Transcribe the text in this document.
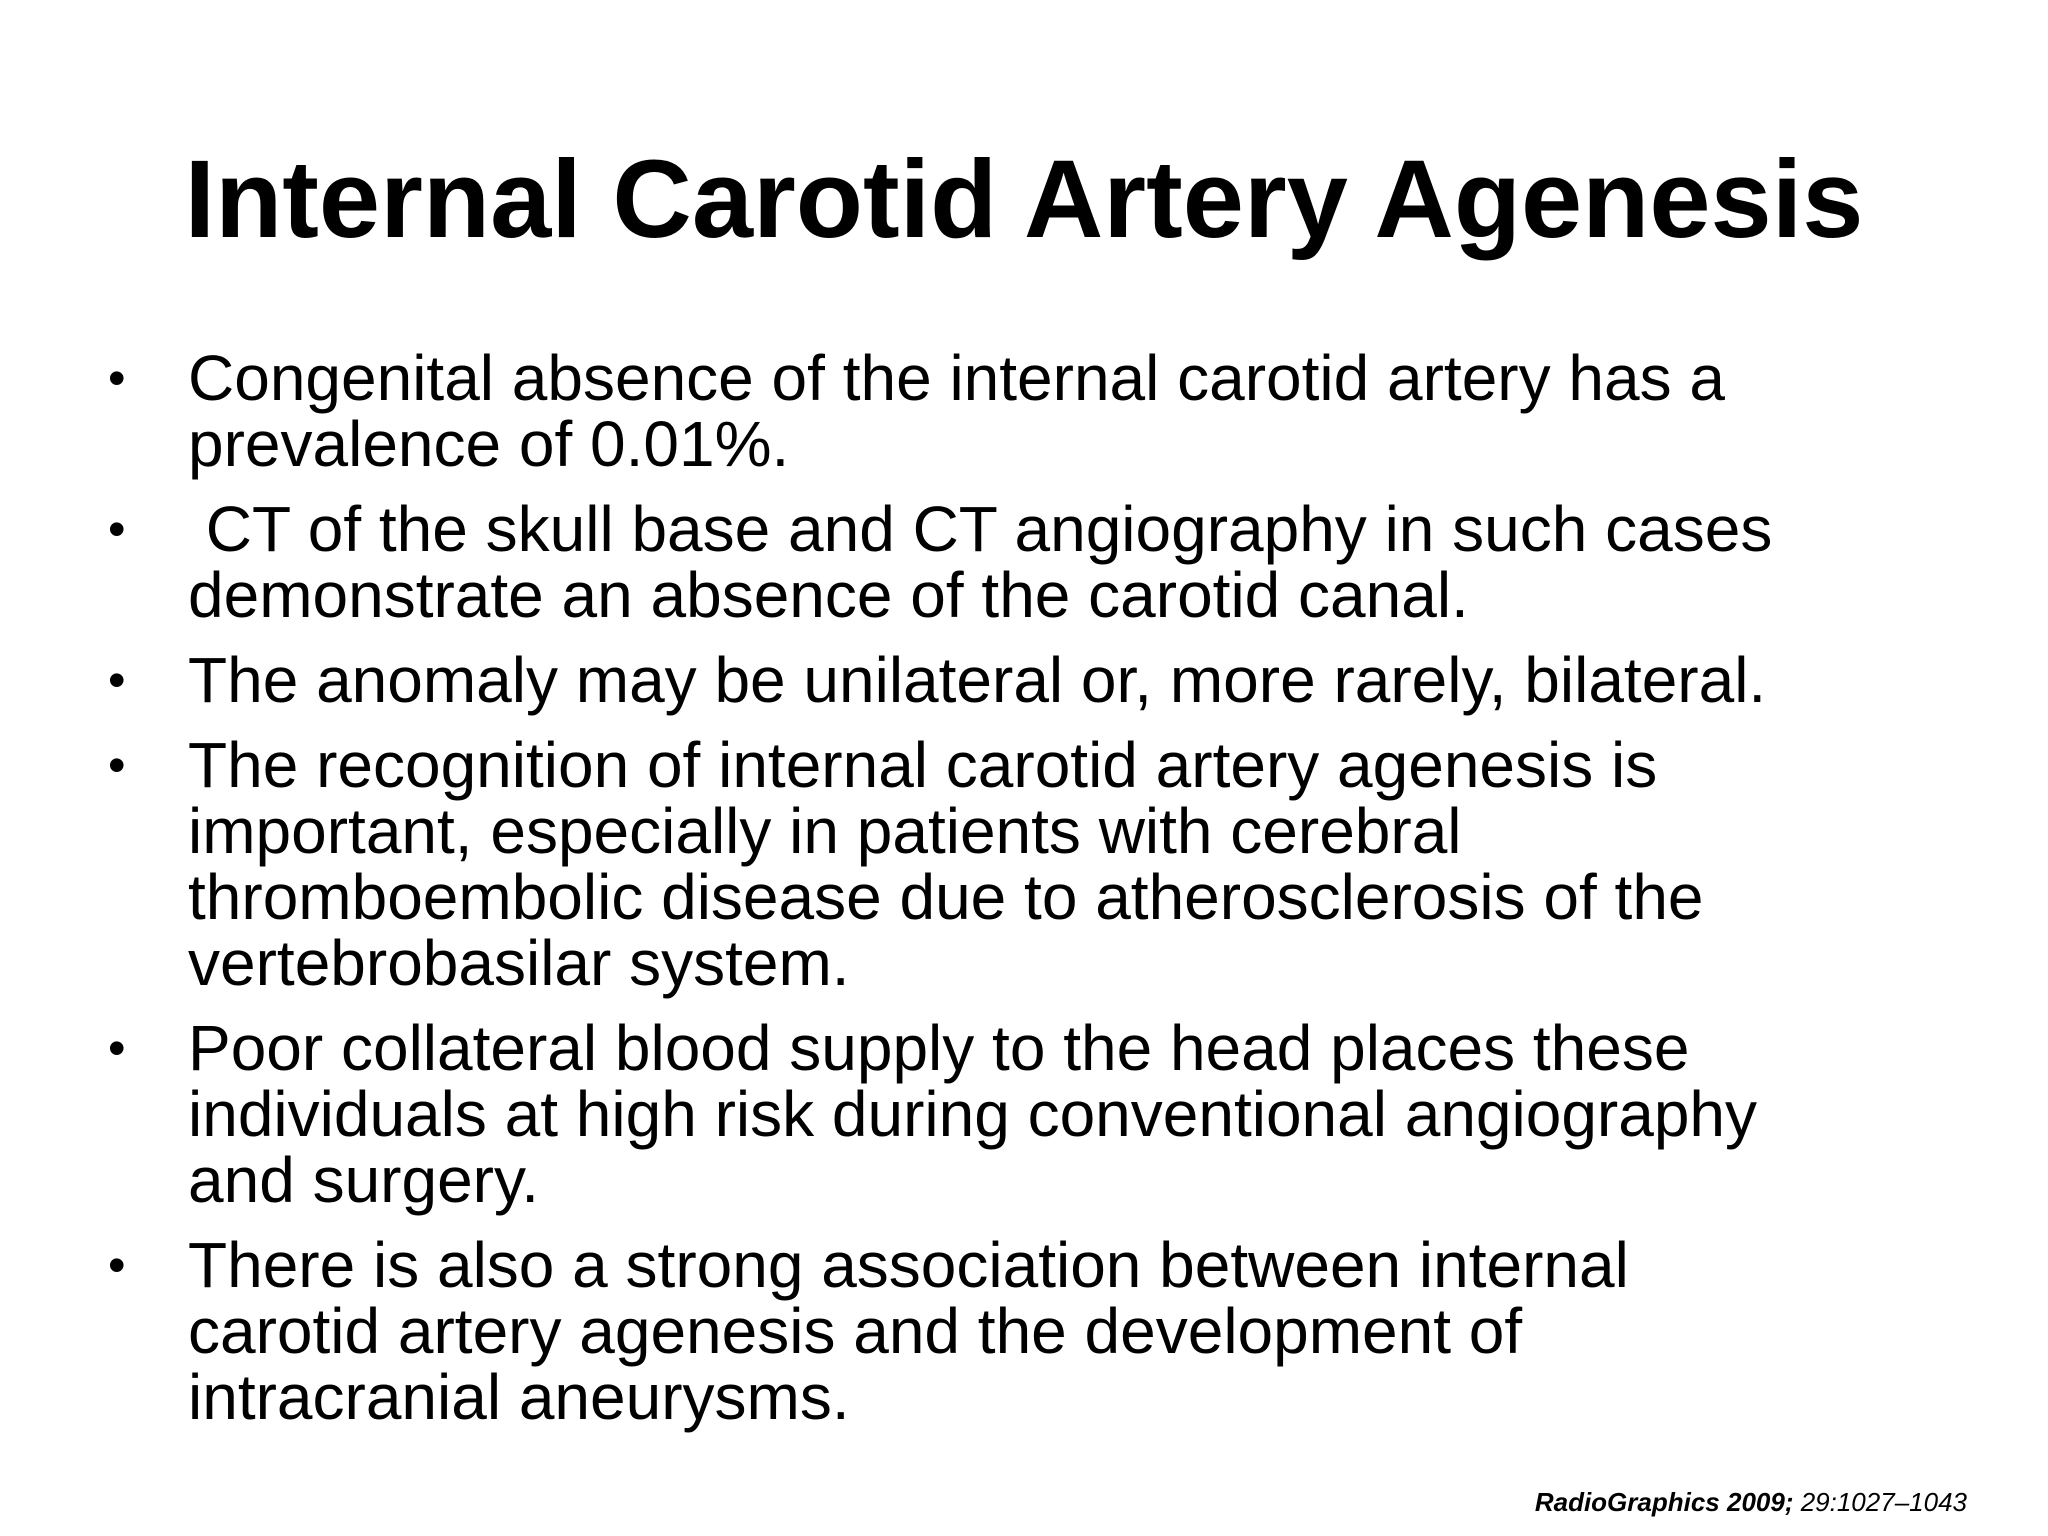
Internal Carotid Artery Agenesis
• Congenital absence of the internal carotid artery has a
prevalence of 0.01%.
• CT of the skull base and CT angiography in such cases
demonstrate an absence of the carotid canal.
• The anomaly may be unilateral or, more rarely, bilateral.
• The recognition of internal carotid artery agenesis is
important, especially in patients with cerebral
thromboembolic disease due to atherosclerosis of the
vertebrobasilar system.
• Poor collateral blood supply to the head places these
individuals at high risk during conventional angiography
and surgery.
• There is also a strong association between internal
carotid artery agenesis and the development of
intracranial aneurysms.
RadioGraphics 2009; 29:1027–1043
